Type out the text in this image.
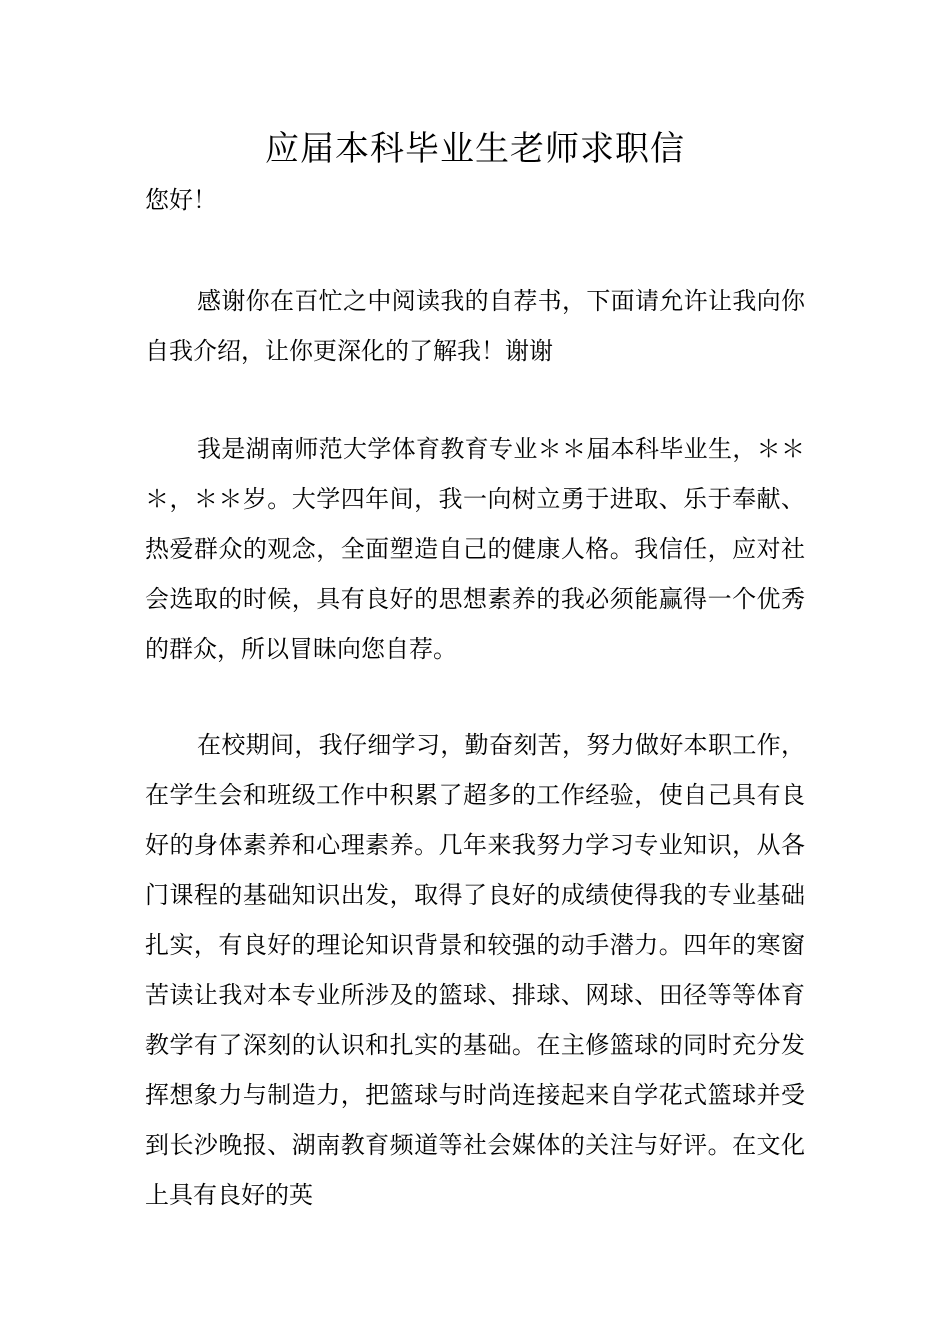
应届本科毕业生老师求职信
您好！

感谢你在百忙之中阅读我的自荐书，下面请允许让我向你自我介绍，让你更深化的了解我！谢谢

我是湖南师范大学体育教育专业＊＊届本科毕业生，＊＊＊，＊＊岁。大学四年间，我一向树立勇于进取、乐于奉献、热爱群众的观念，全面塑造自己的健康人格。我信任，应对社会选取的时候，具有良好的思想素养的我必须能赢得一个优秀的群众，所以冒昧向您自荐。

在校期间，我仔细学习，勤奋刻苦，努力做好本职工作，在学生会和班级工作中积累了超多的工作经验，使自己具有良好的身体素养和心理素养。几年来我努力学习专业知识，从各门课程的基础知识出发，取得了良好的成绩使得我的专业基础扎实，有良好的理论知识背景和较强的动手潜力。四年的寒窗苦读让我对本专业所涉及的篮球、排球、网球、田径等等体育教学有了深刻的认识和扎实的基础。在主修篮球的同时充分发挥想象力与制造力，把篮球与时尚连接起来自学花式篮球并受到长沙晚报、湖南教育频道等社会媒体的关注与好评。在文化上具有良好的英
